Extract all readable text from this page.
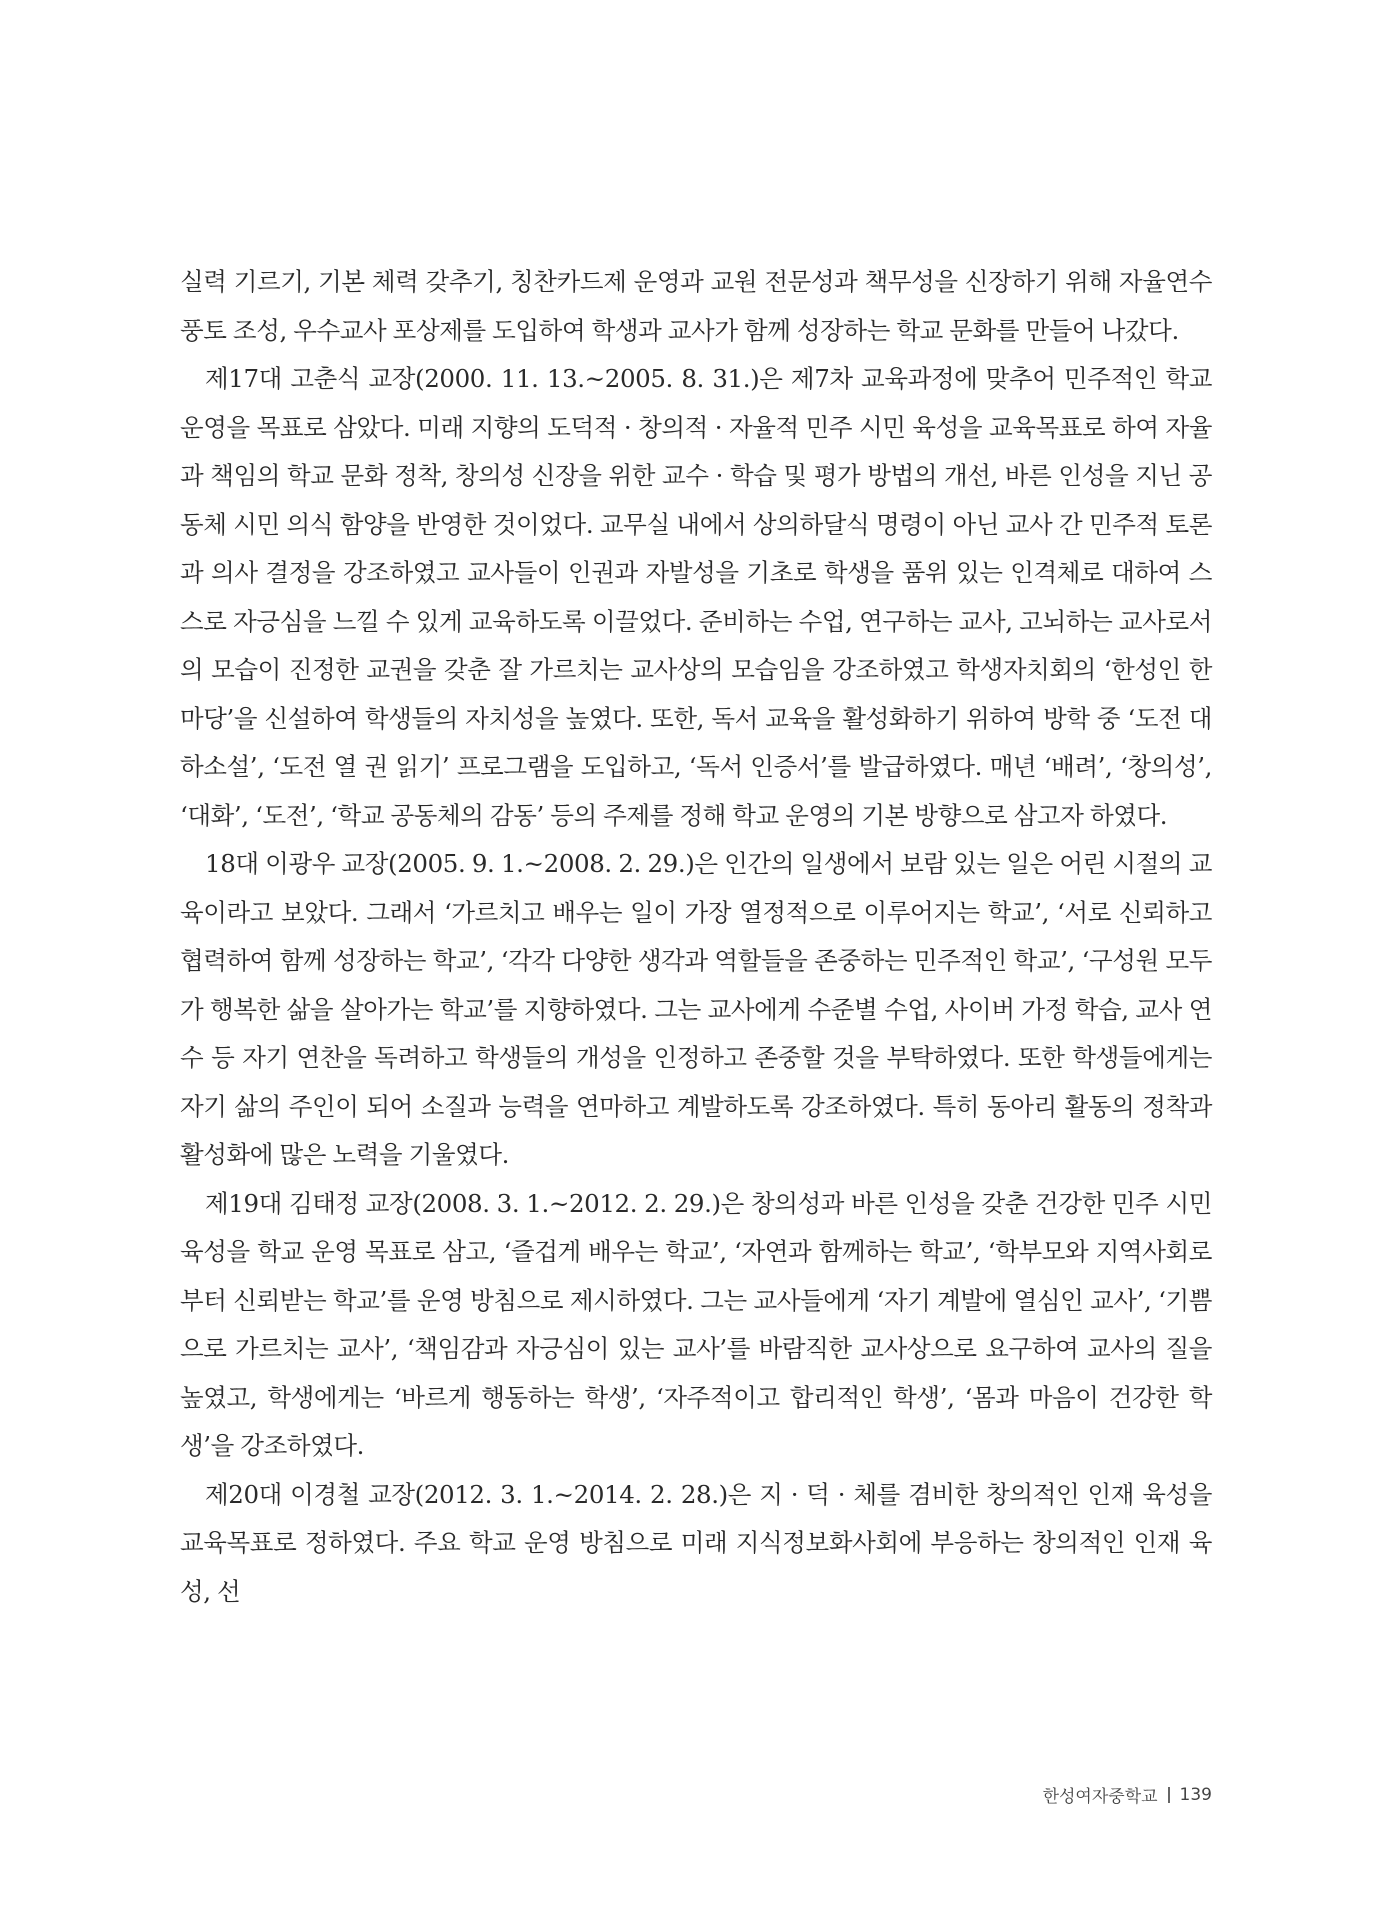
실력 기르기, 기본 체력 갖추기, 칭찬카드제 운영과 교원 전문성과 책무성을 신장하기 위해 자율연수 풍토 조성, 우수교사 포상제를 도입하여 학생과 교사가 함께 성장하는 학교 문화를 만들어 나갔다.

제17대 고춘식 교장(2000. 11. 13.~2005. 8. 31.)은 제7차 교육과정에 맞추어 민주적인 학교 운영을 목표로 삼았다. 미래 지향의 도덕적 · 창의적 · 자율적 민주 시민 육성을 교육목표로 하여 자율과 책임의 학교 문화 정착, 창의성 신장을 위한 교수 · 학습 및 평가 방법의 개선, 바른 인성을 지닌 공동체 시민 의식 함양을 반영한 것이었다. 교무실 내에서 상의하달식 명령이 아닌 교사 간 민주적 토론과 의사 결정을 강조하였고 교사들이 인권과 자발성을 기초로 학생을 품위 있는 인격체로 대하여 스스로 자긍심을 느낄 수 있게 교육하도록 이끌었다. 준비하는 수업, 연구하는 교사, 고뇌하는 교사로서의 모습이 진정한 교권을 갖춘 잘 가르치는 교사상의 모습임을 강조하였고 학생자치회의 ‘한성인 한마당’을 신설하여 학생들의 자치성을 높였다. 또한, 독서 교육을 활성화하기 위하여 방학 중 ‘도전 대하소설’, ‘도전 열 권 읽기’ 프로그램을 도입하고, ‘독서 인증서’를 발급하였다. 매년 ‘배려’, ‘창의성’, ‘대화’, ‘도전’, ‘학교 공동체의 감동’ 등의 주제를 정해 학교 운영의 기본 방향으로 삼고자 하였다.

18대 이광우 교장(2005. 9. 1.~2008. 2. 29.)은 인간의 일생에서 보람 있는 일은 어린 시절의 교육이라고 보았다. 그래서 ‘가르치고 배우는 일이 가장 열정적으로 이루어지는 학교’, ‘서로 신뢰하고 협력하여 함께 성장하는 학교’, ‘각각 다양한 생각과 역할들을 존중하는 민주적인 학교’, ‘구성원 모두가 행복한 삶을 살아가는 학교’를 지향하였다. 그는 교사에게 수준별 수업, 사이버 가정 학습, 교사 연수 등 자기 연찬을 독려하고 학생들의 개성을 인정하고 존중할 것을 부탁하였다. 또한 학생들에게는 자기 삶의 주인이 되어 소질과 능력을 연마하고 계발하도록 강조하였다. 특히 동아리 활동의 정착과 활성화에 많은 노력을 기울였다.

제19대 김태정 교장(2008. 3. 1.~2012. 2. 29.)은 창의성과 바른 인성을 갖춘 건강한 민주 시민 육성을 학교 운영 목표로 삼고, ‘즐겁게 배우는 학교’, ‘자연과 함께하는 학교’, ‘학부모와 지역사회로부터 신뢰받는 학교’를 운영 방침으로 제시하였다. 그는 교사들에게 ‘자기 계발에 열심인 교사’, ‘기쁨으로 가르치는 교사’, ‘책임감과 자긍심이 있는 교사’를 바람직한 교사상으로 요구하여 교사의 질을 높였고, 학생에게는 ‘바르게 행동하는 학생’, ‘자주적이고 합리적인 학생’, ‘몸과 마음이 건강한 학생’을 강조하였다.

제20대 이경철 교장(2012. 3. 1.~2014. 2. 28.)은 지 · 덕 · 체를 겸비한 창의적인 인재 육성을 교육목표로 정하였다. 주요 학교 운영 방침으로 미래 지식정보화사회에 부응하는 창의적인 인재 육성, 선

한성여자중학교 139
